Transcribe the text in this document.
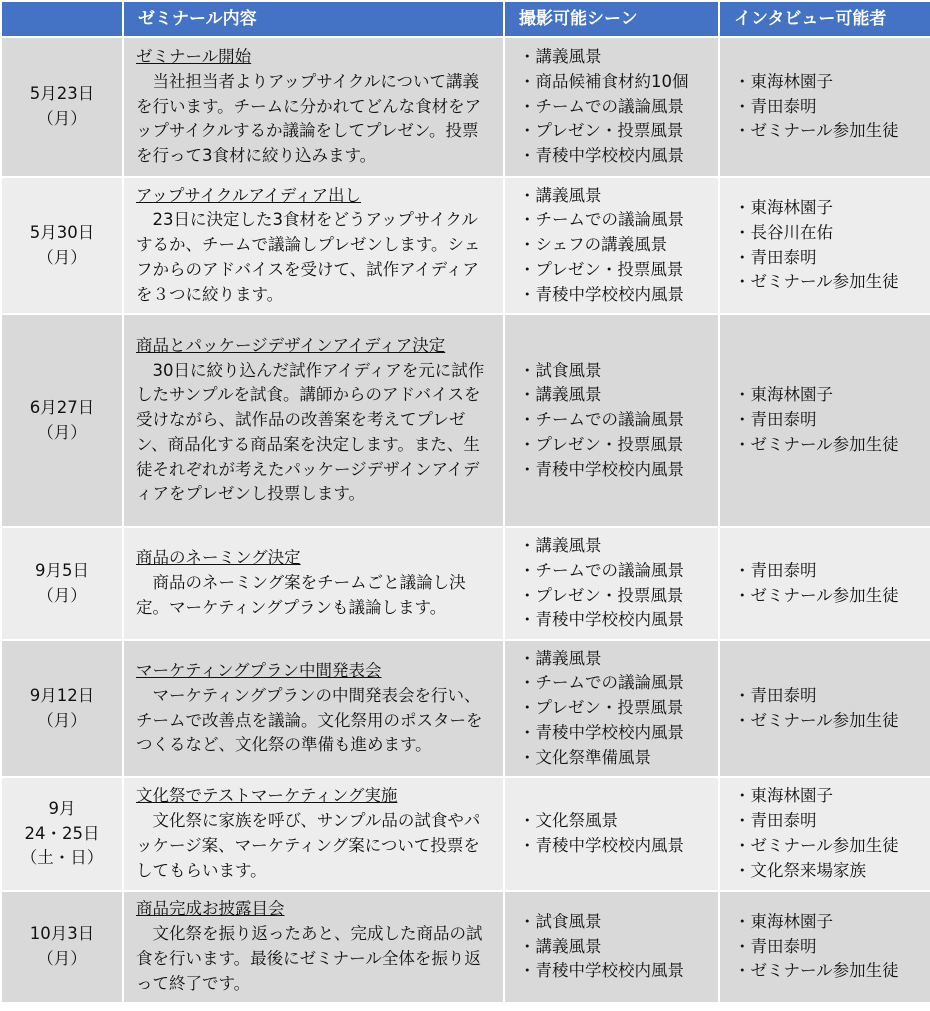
	ゼミナール内容	撮影可能シーン	インタビュー可能者

5月23日
（月）	ゼミナール開始
当社担当者よりアップサイクルについて講義を行います。チームに分かれてどんな食材をアップサイクルするか議論をしてプレゼン。投票を行って3食材に絞り込みます。	・講義風景
・商品候補食材約10個
・チームでの議論風景
・プレゼン・投票風景
・青稜中学校校内風景	・東海林園子
・青田泰明
・ゼミナール参加生徒

5月30日
（月）	アップサイクルアイディア出し
23日に決定した3食材をどうアップサイクルするか、チームで議論しプレゼンします。シェフからのアドバイスを受けて、試作アイディアを３つに絞ります。	・講義風景
・チームでの議論風景
・シェフの講義風景
・プレゼン・投票風景
・青稜中学校校内風景	・東海林園子
・長谷川在佑
・青田泰明
・ゼミナール参加生徒

6月27日
（月）	商品とパッケージデザインアイディア決定
30日に絞り込んだ試作アイディアを元に試作したサンプルを試食。講師からのアドバイスを受けながら、試作品の改善案を考えてプレゼン、商品化する商品案を決定します。また、生徒それぞれが考えたパッケージデザインアイディアをプレゼンし投票します。	・試食風景
・講義風景
・チームでの議論風景
・プレゼン・投票風景
・青稜中学校校内風景	・東海林園子
・青田泰明
・ゼミナール参加生徒

9月5日
（月）	商品のネーミング決定
商品のネーミング案をチームごと議論し決定。マーケティングプランも議論します。	・講義風景
・チームでの議論風景
・プレゼン・投票風景
・青稜中学校校内風景	・青田泰明
・ゼミナール参加生徒

9月12日
（月）	マーケティングプラン中間発表会
マーケティングプランの中間発表会を行い、チームで改善点を議論。文化祭用のポスターをつくるなど、文化祭の準備も進めます。	・講義風景
・チームでの議論風景
・プレゼン・投票風景
・青稜中学校校内風景
・文化祭準備風景	・青田泰明
・ゼミナール参加生徒

9月
24・25日
（土・日）	文化祭でテストマーケティング実施
文化祭に家族を呼び、サンプル品の試食やパッケージ案、マーケティング案について投票をしてもらいます。	・文化祭風景
・青稜中学校校内風景	・東海林園子
・青田泰明
・ゼミナール参加生徒
・文化祭来場家族

10月3日
（月）	商品完成お披露目会
文化祭を振り返ったあと、完成した商品の試食を行います。最後にゼミナール全体を振り返って終了です。	・試食風景
・講義風景
・青稜中学校校内風景	・東海林園子
・青田泰明
・ゼミナール参加生徒
